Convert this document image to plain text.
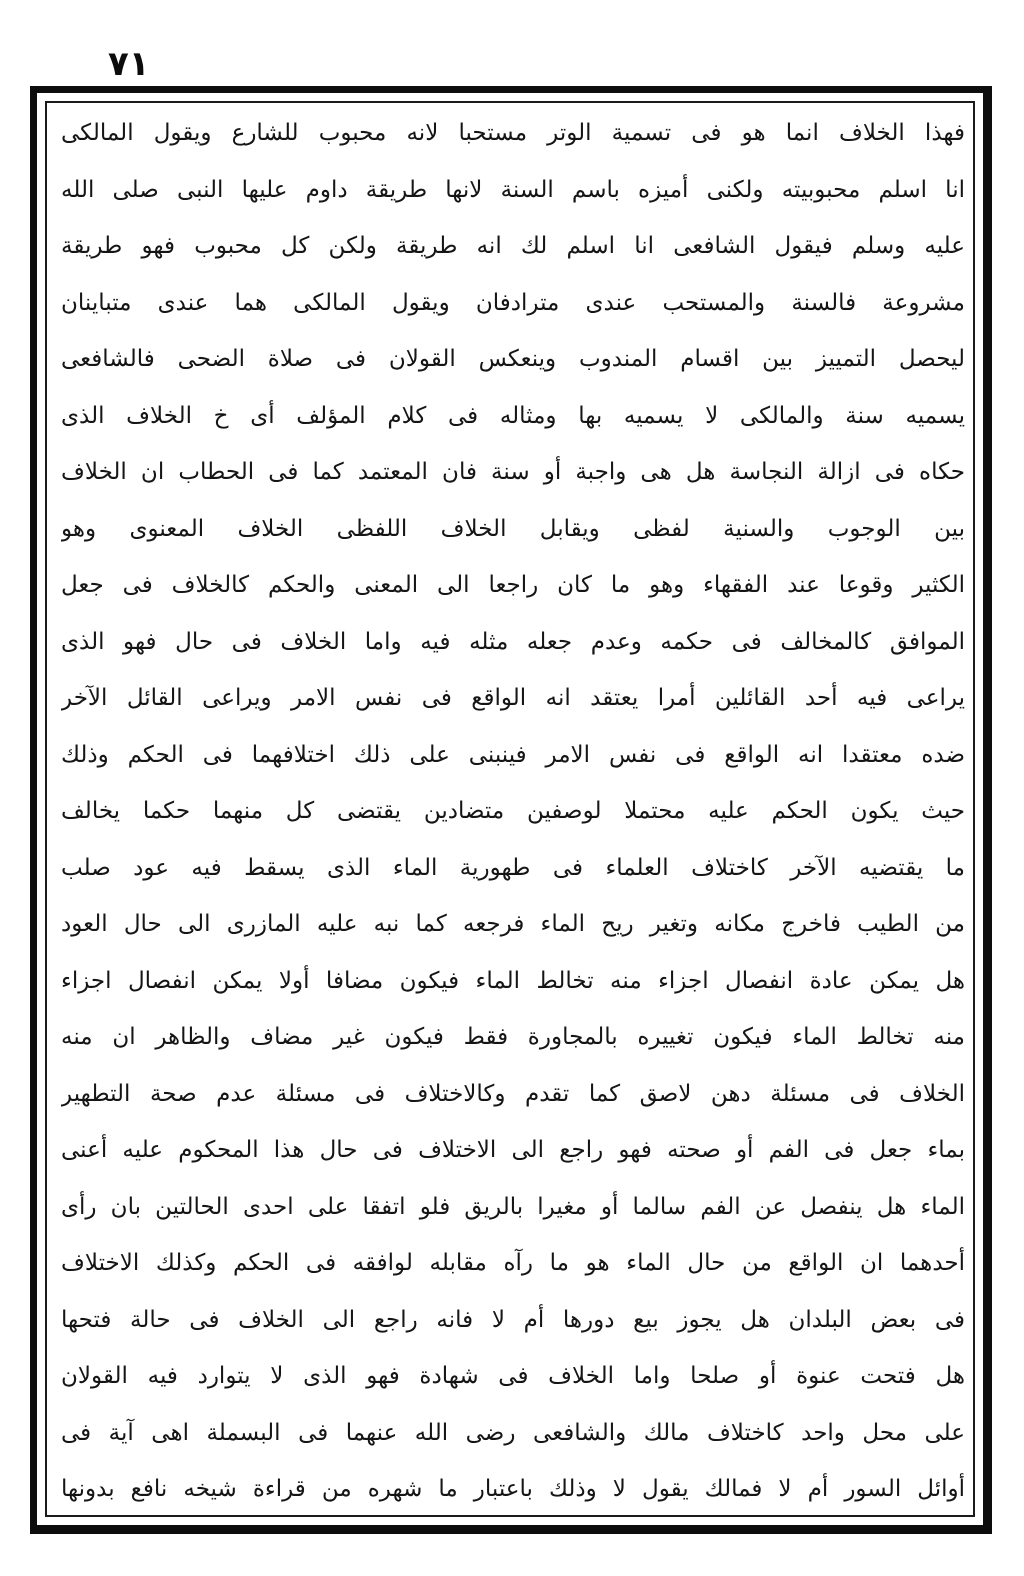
٧١
فهذا الخلاف انما هو فى تسمية الوتر مستحبا لانه محبوب للشارع ويقول المالكى
انا اسلم محبوبيته ولكنى أميزه باسم السنة لانها طريقة داوم عليها النبى صلى الله
عليه وسلم فيقول الشافعى انا اسلم لك انه طريقة ولكن كل محبوب فهو طريقة
مشروعة فالسنة والمستحب عندى مترادفان ويقول المالكى هما عندى متباينان
ليحصل التمييز بين اقسام المندوب وينعكس القولان فى صلاة الضحى فالشافعى
يسميه سنة والمالكى لا يسميه بها ومثاله فى كلام المؤلف أى خ الخلاف الذى
حكاه فى ازالة النجاسة هل هى واجبة أو سنة فان المعتمد كما فى الحطاب ان الخلاف
بين الوجوب والسنية لفظى ويقابل الخلاف اللفظى الخلاف المعنوى وهو
الكثير وقوعا عند الفقهاء وهو ما كان راجعا الى المعنى والحكم كالخلاف فى جعل
الموافق كالمخالف فى حكمه وعدم جعله مثله فيه واما الخلاف فى حال فهو الذى
يراعى فيه أحد القائلين أمرا يعتقد انه الواقع فى نفس الامر ويراعى القائل الآخر
ضده معتقدا انه الواقع فى نفس الامر فينبنى على ذلك اختلافهما فى الحكم وذلك
حيث يكون الحكم عليه محتملا لوصفين متضادين يقتضى كل منهما حكما يخالف
ما يقتضيه الآخر كاختلاف العلماء فى طهورية الماء الذى يسقط فيه عود صلب
من الطيب فاخرج مكانه وتغير ريح الماء فرجعه كما نبه عليه المازرى الى حال العود
هل يمكن عادة انفصال اجزاء منه تخالط الماء فيكون مضافا أولا يمكن انفصال اجزاء
منه تخالط الماء فيكون تغييره بالمجاورة فقط فيكون غير مضاف والظاهر ان منه
الخلاف فى مسئلة دهن لاصق كما تقدم وكالاختلاف فى مسئلة عدم صحة التطهير
بماء جعل فى الفم أو صحته فهو راجع الى الاختلاف فى حال هذا المحكوم عليه أعنى
الماء هل ينفصل عن الفم سالما أو مغيرا بالريق فلو اتفقا على احدى الحالتين بان رأى
أحدهما ان الواقع من حال الماء هو ما رآه مقابله لوافقه فى الحكم وكذلك الاختلاف
فى بعض البلدان هل يجوز بيع دورها أم لا فانه راجع الى الخلاف فى حالة فتحها
هل فتحت عنوة أو صلحا واما الخلاف فى شهادة فهو الذى لا يتوارد فيه القولان
على محل واحد كاختلاف مالك والشافعى رضى الله عنهما فى البسملة اهى آية فى
أوائل السور أم لا فمالك يقول لا وذلك باعتبار ما شهره من قراءة شيخه نافع بدونها
